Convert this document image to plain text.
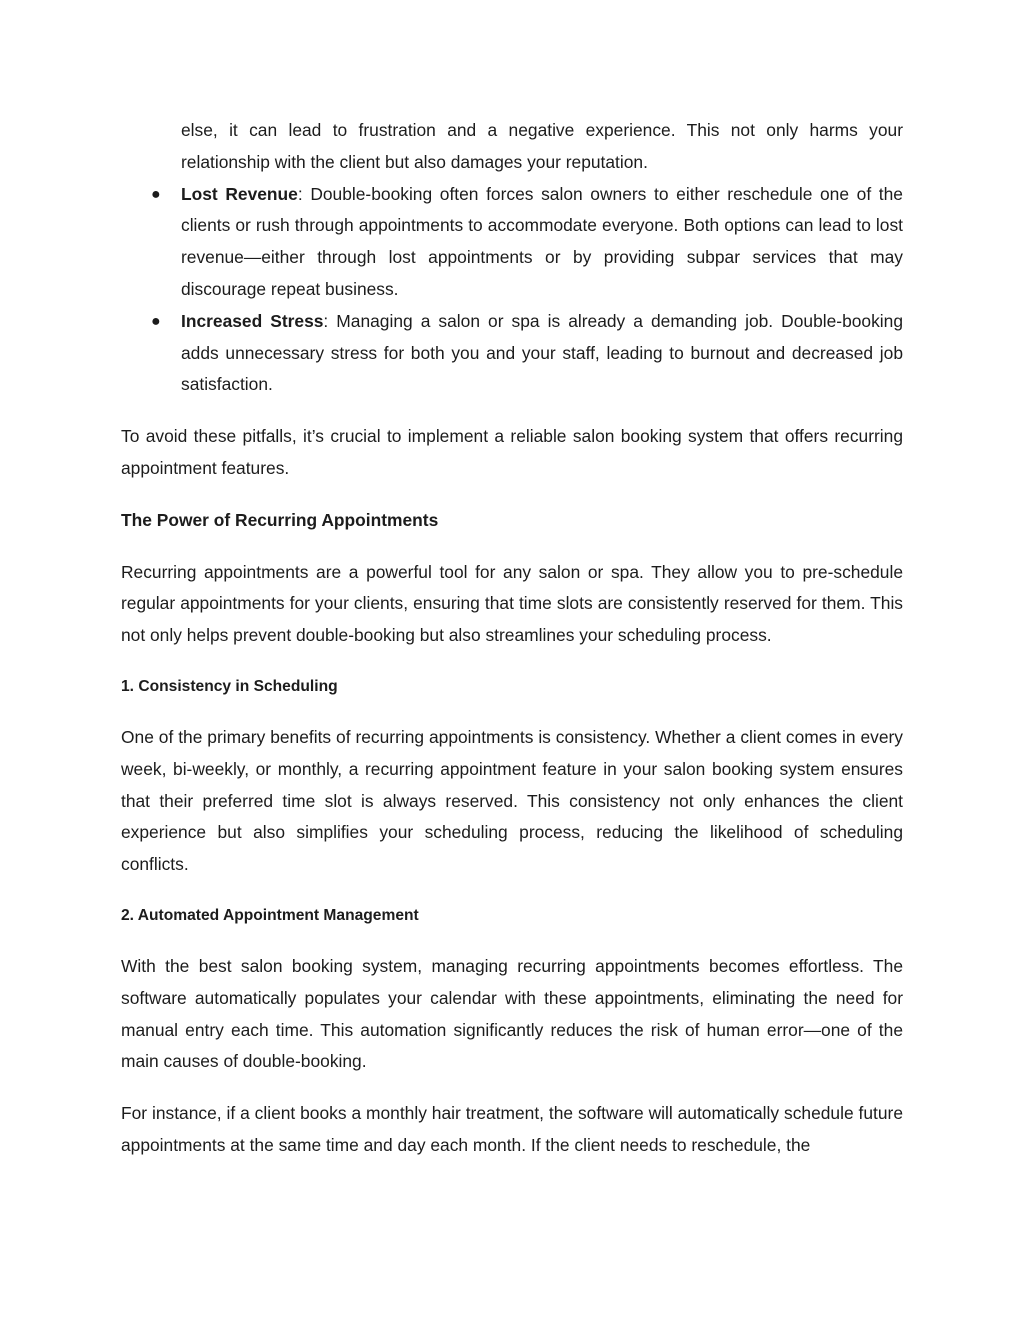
else, it can lead to frustration and a negative experience. This not only harms your relationship with the client but also damages your reputation.

● Lost Revenue: Double-booking often forces salon owners to either reschedule one of the clients or rush through appointments to accommodate everyone. Both options can lead to lost revenue—either through lost appointments or by providing subpar services that may discourage repeat business.
● Increased Stress: Managing a salon or spa is already a demanding job. Double-booking adds unnecessary stress for both you and your staff, leading to burnout and decreased job satisfaction.

To avoid these pitfalls, it’s crucial to implement a reliable salon booking system that offers recurring appointment features.

The Power of Recurring Appointments

Recurring appointments are a powerful tool for any salon or spa. They allow you to pre-schedule regular appointments for your clients, ensuring that time slots are consistently reserved for them. This not only helps prevent double-booking but also streamlines your scheduling process.

1. Consistency in Scheduling

One of the primary benefits of recurring appointments is consistency. Whether a client comes in every week, bi-weekly, or monthly, a recurring appointment feature in your salon booking system ensures that their preferred time slot is always reserved. This consistency not only enhances the client experience but also simplifies your scheduling process, reducing the likelihood of scheduling conflicts.

2. Automated Appointment Management

With the best salon booking system, managing recurring appointments becomes effortless. The software automatically populates your calendar with these appointments, eliminating the need for manual entry each time. This automation significantly reduces the risk of human error—one of the main causes of double-booking.

For instance, if a client books a monthly hair treatment, the software will automatically schedule future appointments at the same time and day each month. If the client needs to reschedule, the
